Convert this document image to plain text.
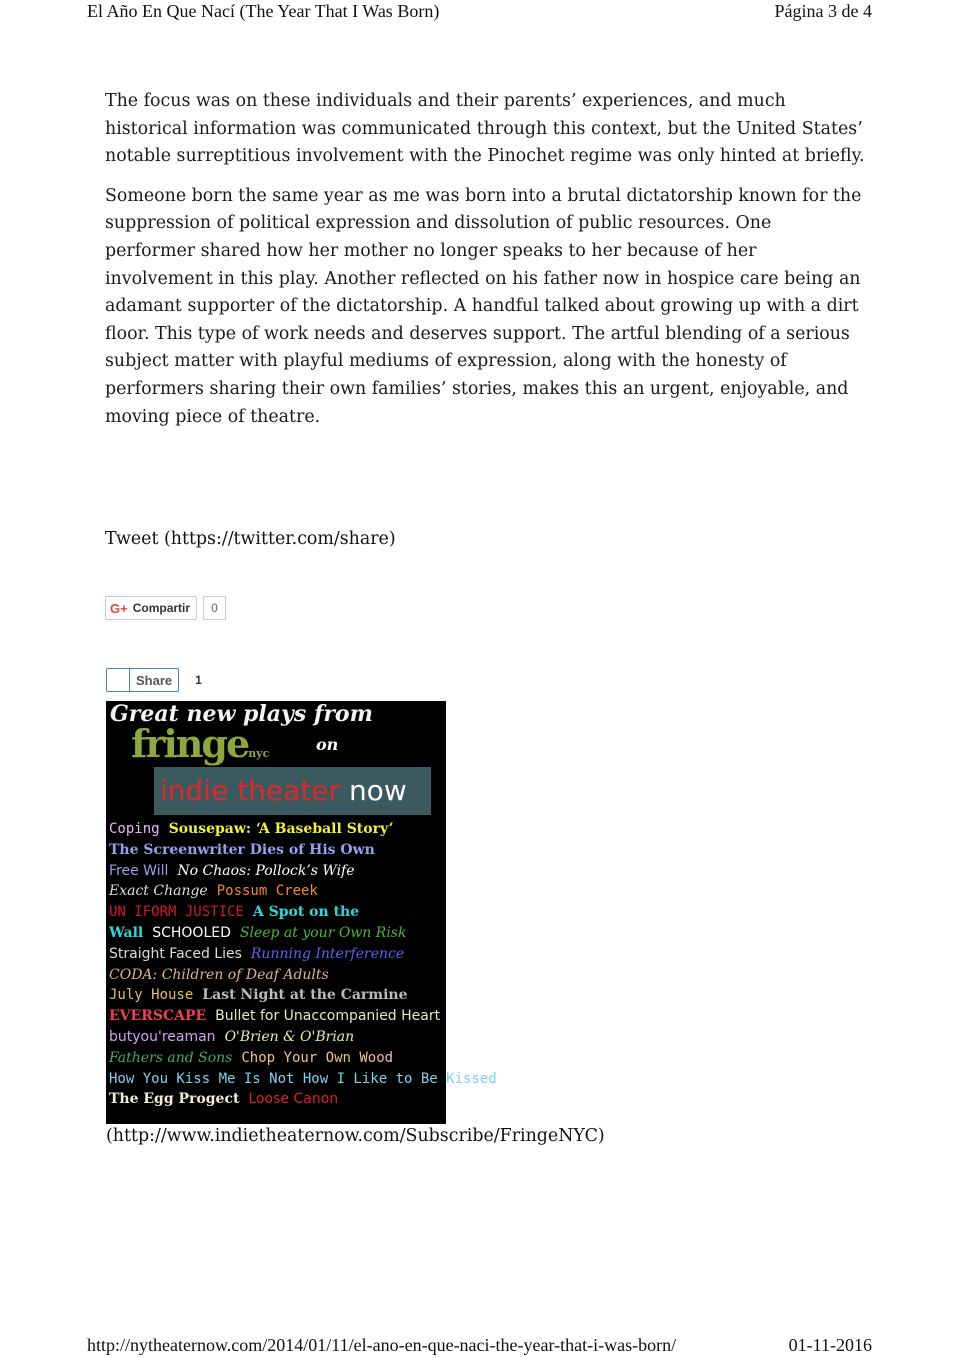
El Año En Que Nací (The Year That I Was Born)	Página 3 de 4

The focus was on these individuals and their parents’ experiences, and much historical information was communicated through this context, but the United States’ notable surreptitious involvement with the Pinochet regime was only hinted at briefly.

Someone born the same year as me was born into a brutal dictatorship known for the suppression of political expression and dissolution of public resources. One performer shared how her mother no longer speaks to her because of her involvement in this play. Another reflected on his father now in hospice care being an adamant supporter of the dictatorship. A handful talked about growing up with a dirt floor. This type of work needs and deserves support. The artful blending of a serious subject matter with playful mediums of expression, along with the honesty of performers sharing their own families’ stories, makes this an urgent, enjoyable, and moving piece of theatre.

Tweet (https://twitter.com/share)
G+ Compartir	0
Share	1
Great new plays from
fringenyc	on
indie theater now
Coping Sousepaw: ‘A Baseball Story’
The Screenwriter Dies of His Own
Free Will No Chaos: Pollock’s Wife
Exact Change Possum Creek
UN IFORM JUSTICE A Spot on the
Wall SCHOOLED Sleep at your Own Risk
Straight Faced Lies Running Interference
CODA: Children of Deaf Adults
July House Last Night at the Carmine
EVERSCAPE Bullet for Unaccompanied Heart
butyou'reaman O'Brien & O'Brian
Fathers and Sons Chop Your Own Wood
How You Kiss Me Is Not How I Like to Be Kissed
The Egg Progect Loose Canon
(http://www.indietheaternow.com/Subscribe/FringeNYC)
http://nytheaternow.com/2014/01/11/el-ano-en-que-naci-the-year-that-i-was-born/	01-11-2016
